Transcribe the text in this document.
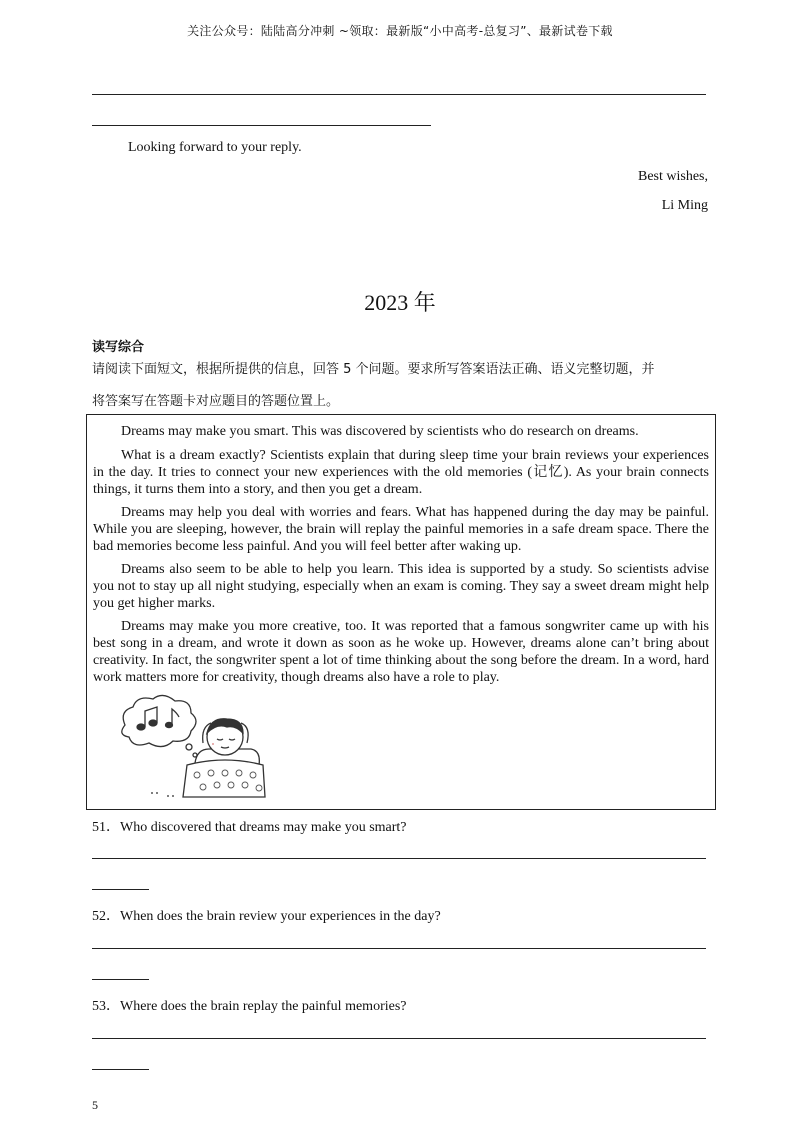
关注公众号：陆陆高分冲刺 ~领取：最新版“小中高考-总复习”、最新试卷下载
Looking forward to your reply.
Best wishes,
Li Ming
2023 年
读写综合
请阅读下面短文，根据所提供的信息，回答 5 个问题。要求所写答案语法正确、语义完整切题，并
将答案写在答题卡对应题目的答题位置上。

Dreams may make you smart. This was discovered by scientists who do research on dreams.

What is a dream exactly? Scientists explain that during sleep time your brain reviews your experiences in the day. It tries to connect your new experiences with the old memories (记忆). As your brain connects things, it turns them into a story, and then you get a dream.

Dreams may help you deal with worries and fears. What has happened during the day may be painful. While you are sleeping, however, the brain will replay the painful memories in a safe dream space. There the bad memories become less painful. And you will feel better after waking up.

Dreams also seem to be able to help you learn. This idea is supported by a study. So scientists advise you not to stay up all night studying, especially when an exam is coming. They say a sweet dream might help you get higher marks.

Dreams may make you more creative, too. It was reported that a famous songwriter came up with his best song in a dream, and wrote it down as soon as he woke up. However, dreams alone can’t bring about creativity. In fact, the songwriter spent a lot of time thinking about the song before the dream. In a word, hard work matters more for creativity, though dreams also have a role to play.

51．Who discovered that dreams may make you smart?
52．When does the brain review your experiences in the day?
53．Where does the brain replay the painful memories?
5
